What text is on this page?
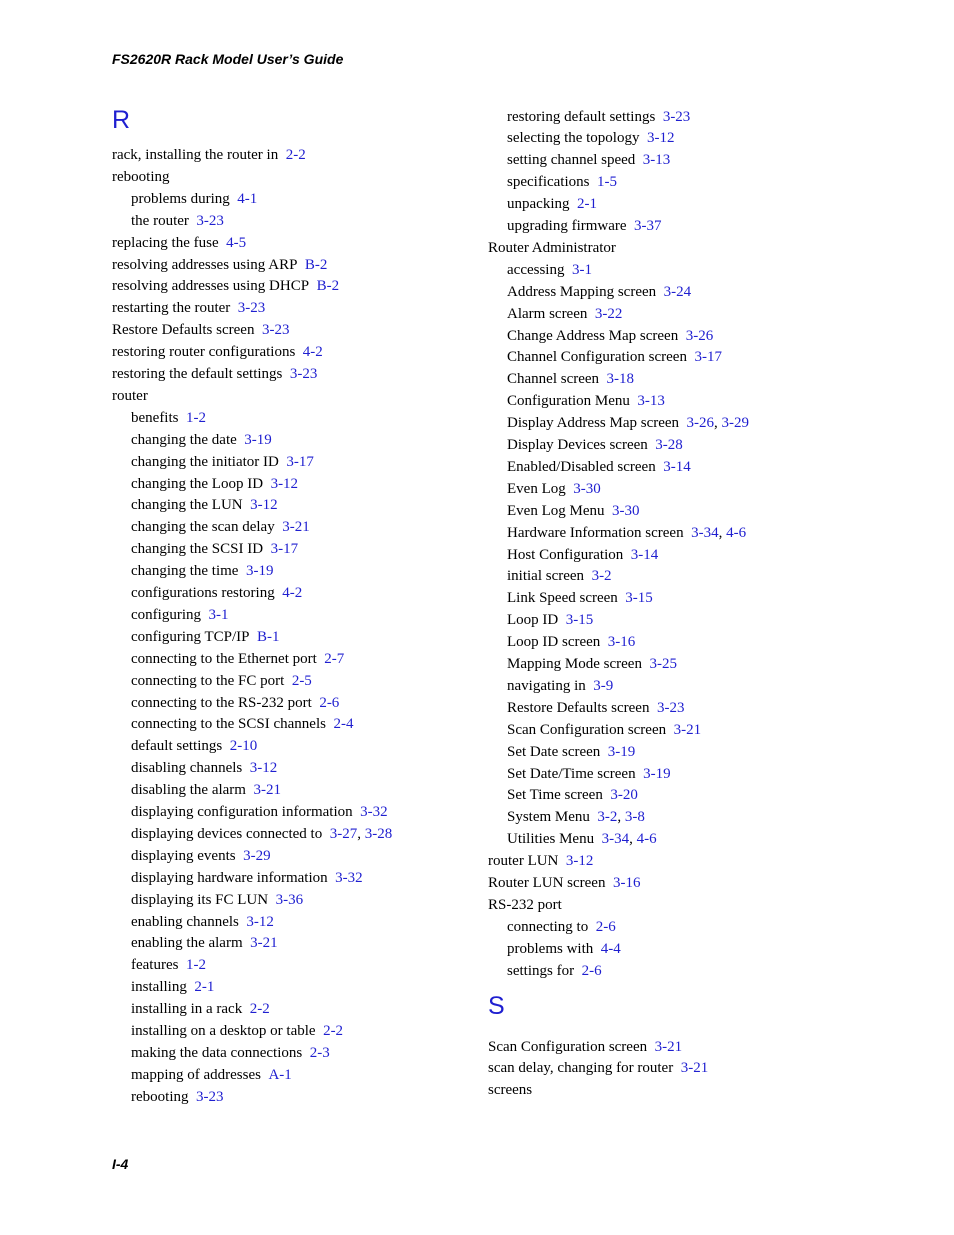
FS2620R Rack Model User’s Guide
R
rack, installing the router in 2-2
rebooting
problems during 4-1
the router 3-23
replacing the fuse 4-5
resolving addresses using ARP B-2
resolving addresses using DHCP B-2
restarting the router 3-23
Restore Defaults screen 3-23
restoring router configurations 4-2
restoring the default settings 3-23
router
benefits 1-2
changing the date 3-19
changing the initiator ID 3-17
changing the Loop ID 3-12
changing the LUN 3-12
changing the scan delay 3-21
changing the SCSI ID 3-17
changing the time 3-19
configurations restoring 4-2
configuring 3-1
configuring TCP/IP B-1
connecting to the Ethernet port 2-7
connecting to the FC port 2-5
connecting to the RS-232 port 2-6
connecting to the SCSI channels 2-4
default settings 2-10
disabling channels 3-12
disabling the alarm 3-21
displaying configuration information 3-32
displaying devices connected to 3-27, 3-28
displaying events 3-29
displaying hardware information 3-32
displaying its FC LUN 3-36
enabling channels 3-12
enabling the alarm 3-21
features 1-2
installing 2-1
installing in a rack 2-2
installing on a desktop or table 2-2
making the data connections 2-3
mapping of addresses A-1
rebooting 3-23
restoring default settings 3-23
selecting the topology 3-12
setting channel speed 3-13
specifications 1-5
unpacking 2-1
upgrading firmware 3-37
Router Administrator
accessing 3-1
Address Mapping screen 3-24
Alarm screen 3-22
Change Address Map screen 3-26
Channel Configuration screen 3-17
Channel screen 3-18
Configuration Menu 3-13
Display Address Map screen 3-26, 3-29
Display Devices screen 3-28
Enabled/Disabled screen 3-14
Even Log 3-30
Even Log Menu 3-30
Hardware Information screen 3-34, 4-6
Host Configuration 3-14
initial screen 3-2
Link Speed screen 3-15
Loop ID 3-15
Loop ID screen 3-16
Mapping Mode screen 3-25
navigating in 3-9
Restore Defaults screen 3-23
Scan Configuration screen 3-21
Set Date screen 3-19
Set Date/Time screen 3-19
Set Time screen 3-20
System Menu 3-2, 3-8
Utilities Menu 3-34, 4-6
router LUN 3-12
Router LUN screen 3-16
RS-232 port
connecting to 2-6
problems with 4-4
settings for 2-6
S
Scan Configuration screen 3-21
scan delay, changing for router 3-21
screens
I-4
